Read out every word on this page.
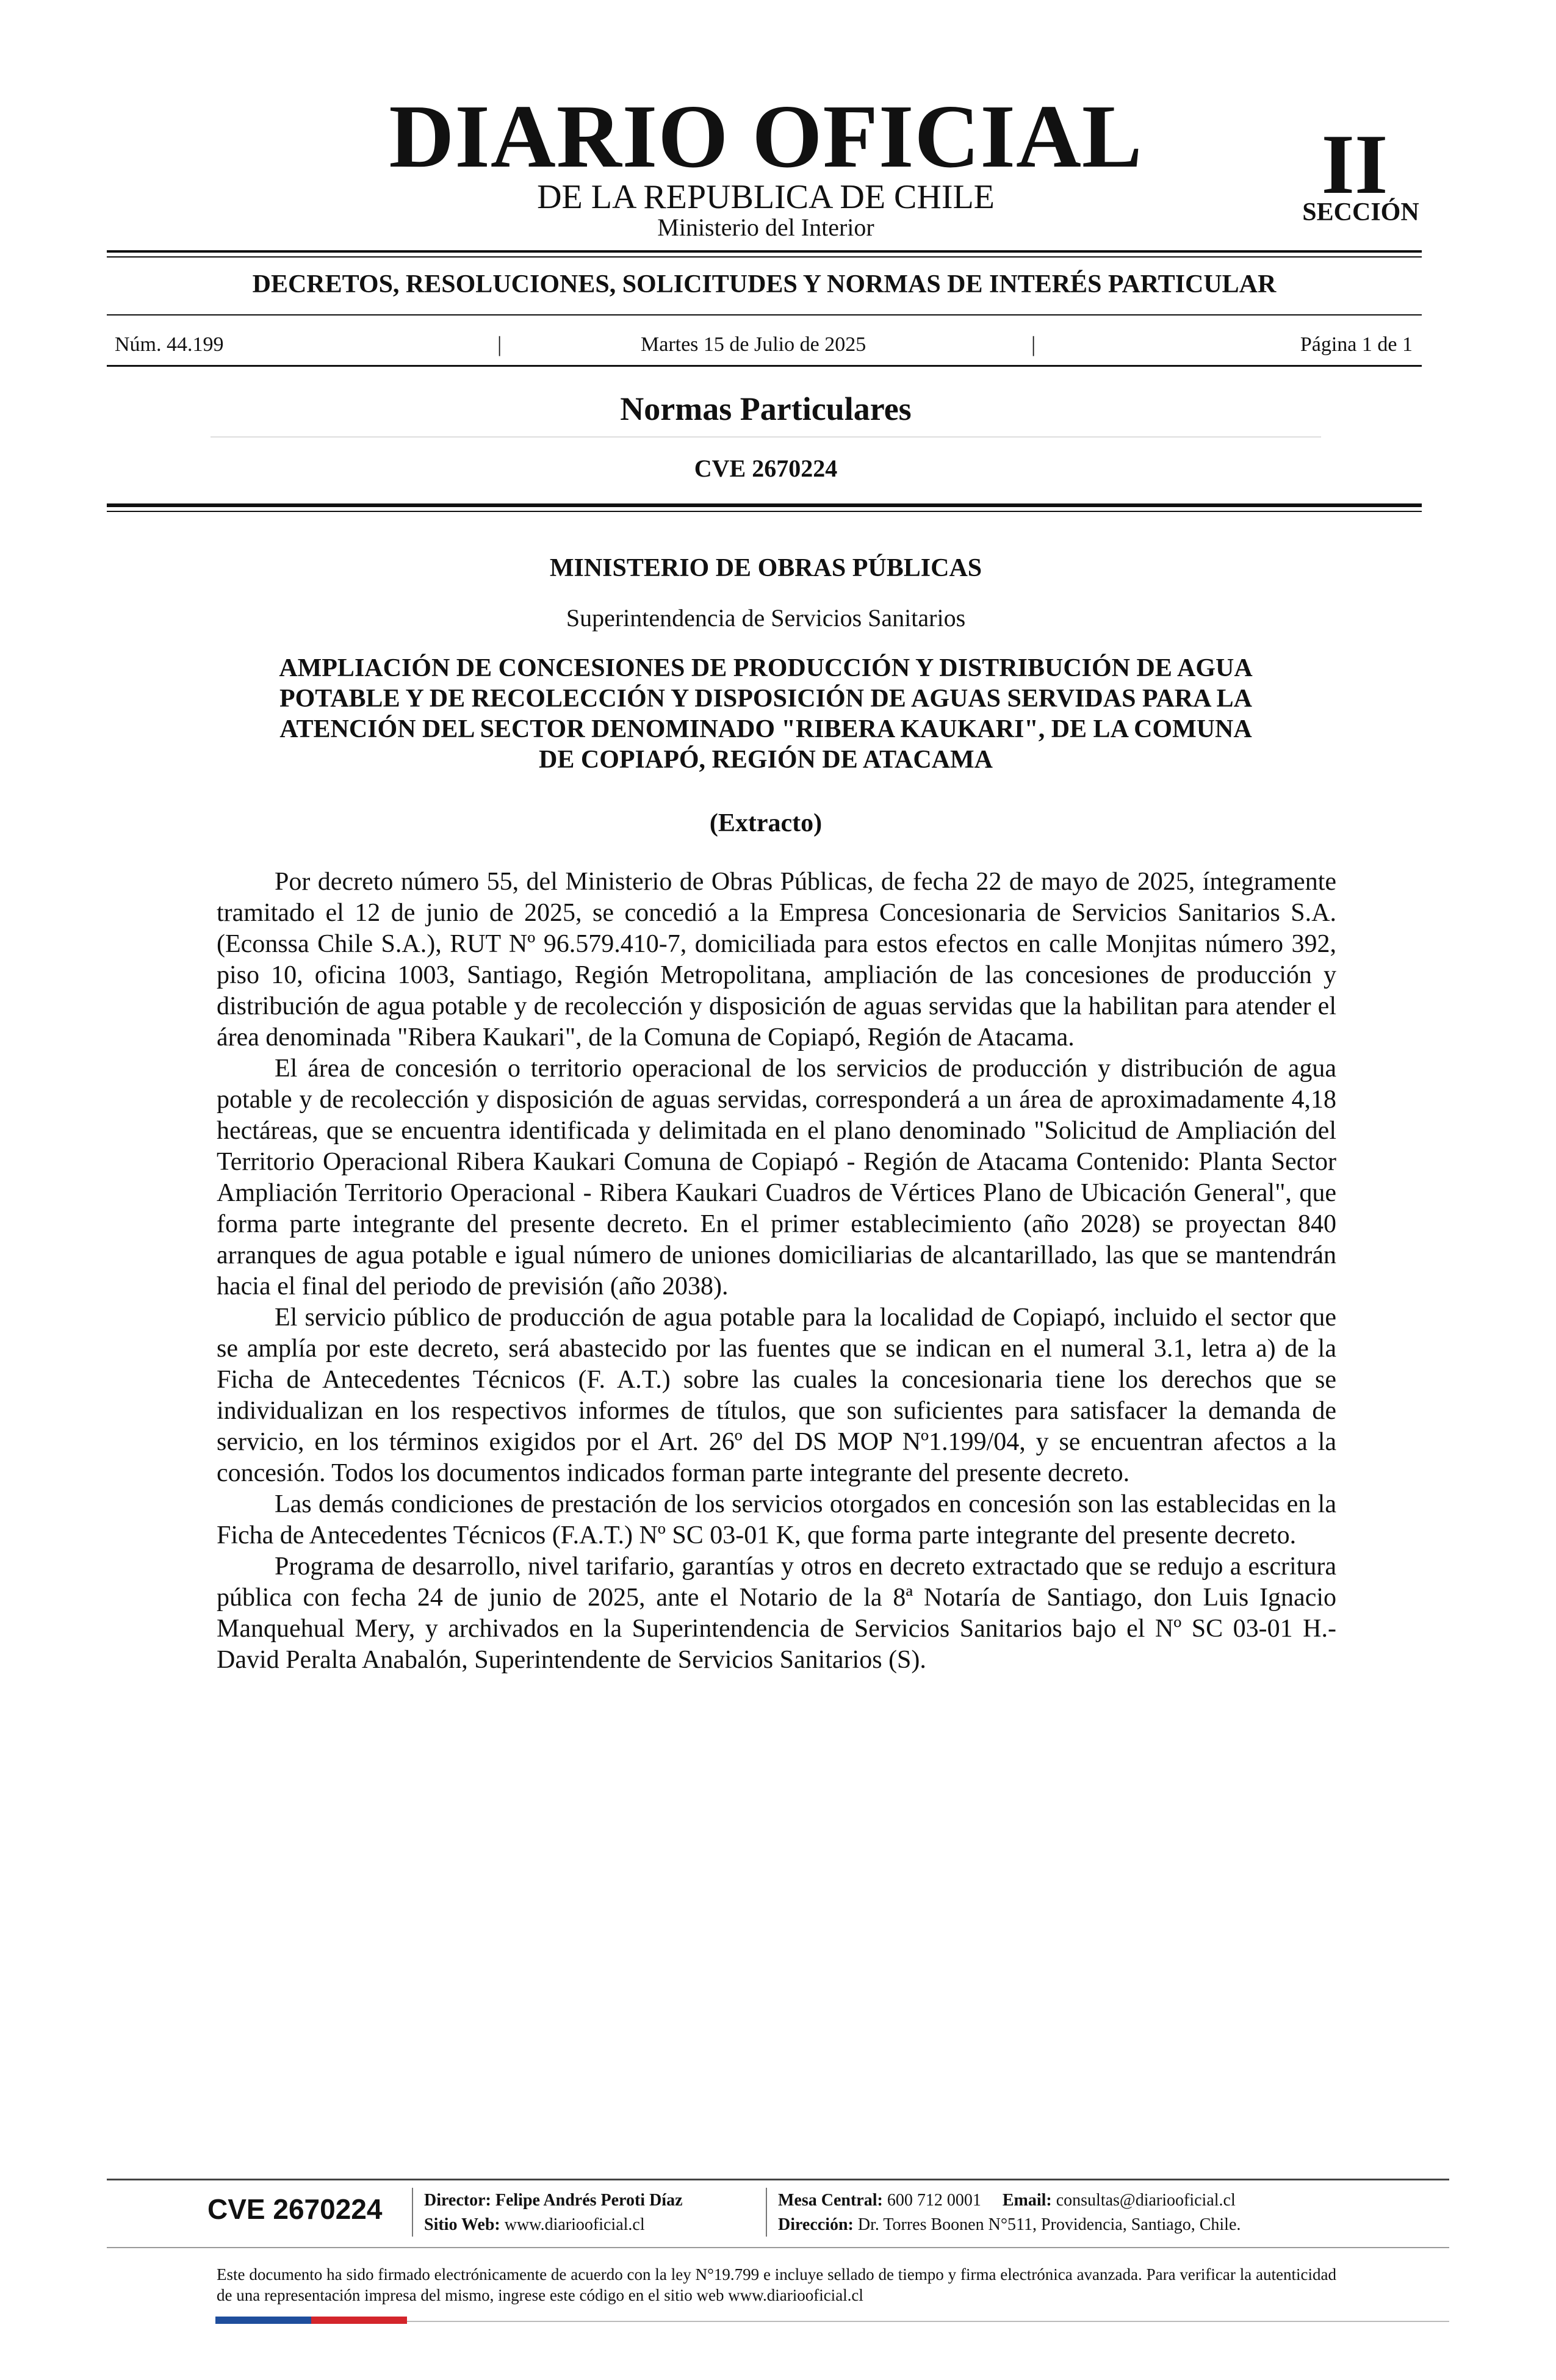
DIARIO OFICIAL
DE LA REPUBLICA DE CHILE
Ministerio del Interior
II
SECCIÓN
DECRETOS, RESOLUCIONES, SOLICITUDES Y NORMAS DE INTERÉS PARTICULAR
Núm. 44.199	|	Martes 15 de Julio de 2025	|	Página 1 de 1
Normas Particulares
CVE 2670224
MINISTERIO DE OBRAS PÚBLICAS
Superintendencia de Servicios Sanitarios
AMPLIACIÓN DE CONCESIONES DE PRODUCCIÓN Y DISTRIBUCIÓN DE AGUA
POTABLE Y DE RECOLECCIÓN Y DISPOSICIÓN DE AGUAS SERVIDAS PARA LA
ATENCIÓN DEL SECTOR DENOMINADO "RIBERA KAUKARI", DE LA COMUNA
DE COPIAPÓ, REGIÓN DE ATACAMA
(Extracto)

Por decreto número 55, del Ministerio de Obras Públicas, de fecha 22 de mayo de 2025, íntegramente tramitado el 12 de junio de 2025, se concedió a la Empresa Concesionaria de Servicios Sanitarios S.A. (Econssa Chile S.A.), RUT Nº 96.579.410-7, domiciliada para estos efectos en calle Monjitas número 392, piso 10, oficina 1003, Santiago, Región Metropolitana, ampliación de las concesiones de producción y distribución de agua potable y de recolección y disposición de aguas servidas que la habilitan para atender el área denominada "Ribera Kaukari", de la Comuna de Copiapó, Región de Atacama.

El área de concesión o territorio operacional de los servicios de producción y distribución de agua potable y de recolección y disposición de aguas servidas, corresponderá a un área de aproximadamente 4,18 hectáreas, que se encuentra identificada y delimitada en el plano denominado "Solicitud de Ampliación del Territorio Operacional Ribera Kaukari Comuna de Copiapó - Región de Atacama Contenido: Planta Sector Ampliación Territorio Operacional - Ribera Kaukari Cuadros de Vértices Plano de Ubicación General", que forma parte integrante del presente decreto. En el primer establecimiento (año 2028) se proyectan 840 arranques de agua potable e igual número de uniones domiciliarias de alcantarillado, las que se mantendrán hacia el final del periodo de previsión (año 2038).

El servicio público de producción de agua potable para la localidad de Copiapó, incluido el sector que se amplía por este decreto, será abastecido por las fuentes que se indican en el numeral 3.1, letra a) de la Ficha de Antecedentes Técnicos (F. A.T.) sobre las cuales la concesionaria tiene los derechos que se individualizan en los respectivos informes de títulos, que son suficientes para satisfacer la demanda de servicio, en los términos exigidos por el Art. 26º del DS MOP Nº1.199/04, y se encuentran afectos a la concesión. Todos los documentos indicados forman parte integrante del presente decreto.

Las demás condiciones de prestación de los servicios otorgados en concesión son las establecidas en la Ficha de Antecedentes Técnicos (F.A.T.) Nº SC 03-01 K, que forma parte integrante del presente decreto.

Programa de desarrollo, nivel tarifario, garantías y otros en decreto extractado que se redujo a escritura pública con fecha 24 de junio de 2025, ante el Notario de la 8ª Notaría de Santiago, don Luis Ignacio Manquehual Mery, y archivados en la Superintendencia de Servicios Sanitarios bajo el Nº SC 03-01 H.- David Peralta Anabalón, Superintendente de Servicios Sanitarios (S).

CVE 2670224 Director: Felipe Andrés Peroti Díaz
Sitio Web: www.diariooficial.cl
Mesa Central: 600 712 0001 Email: consultas@diariooficial.cl
Dirección: Dr. Torres Boonen N°511, Providencia, Santiago, Chile.
Este documento ha sido firmado electrónicamente de acuerdo con la ley N°19.799 e incluye sellado de tiempo y firma electrónica avanzada. Para verificar la autenticidad de una representación impresa del mismo, ingrese este código en el sitio web www.diariooficial.cl
